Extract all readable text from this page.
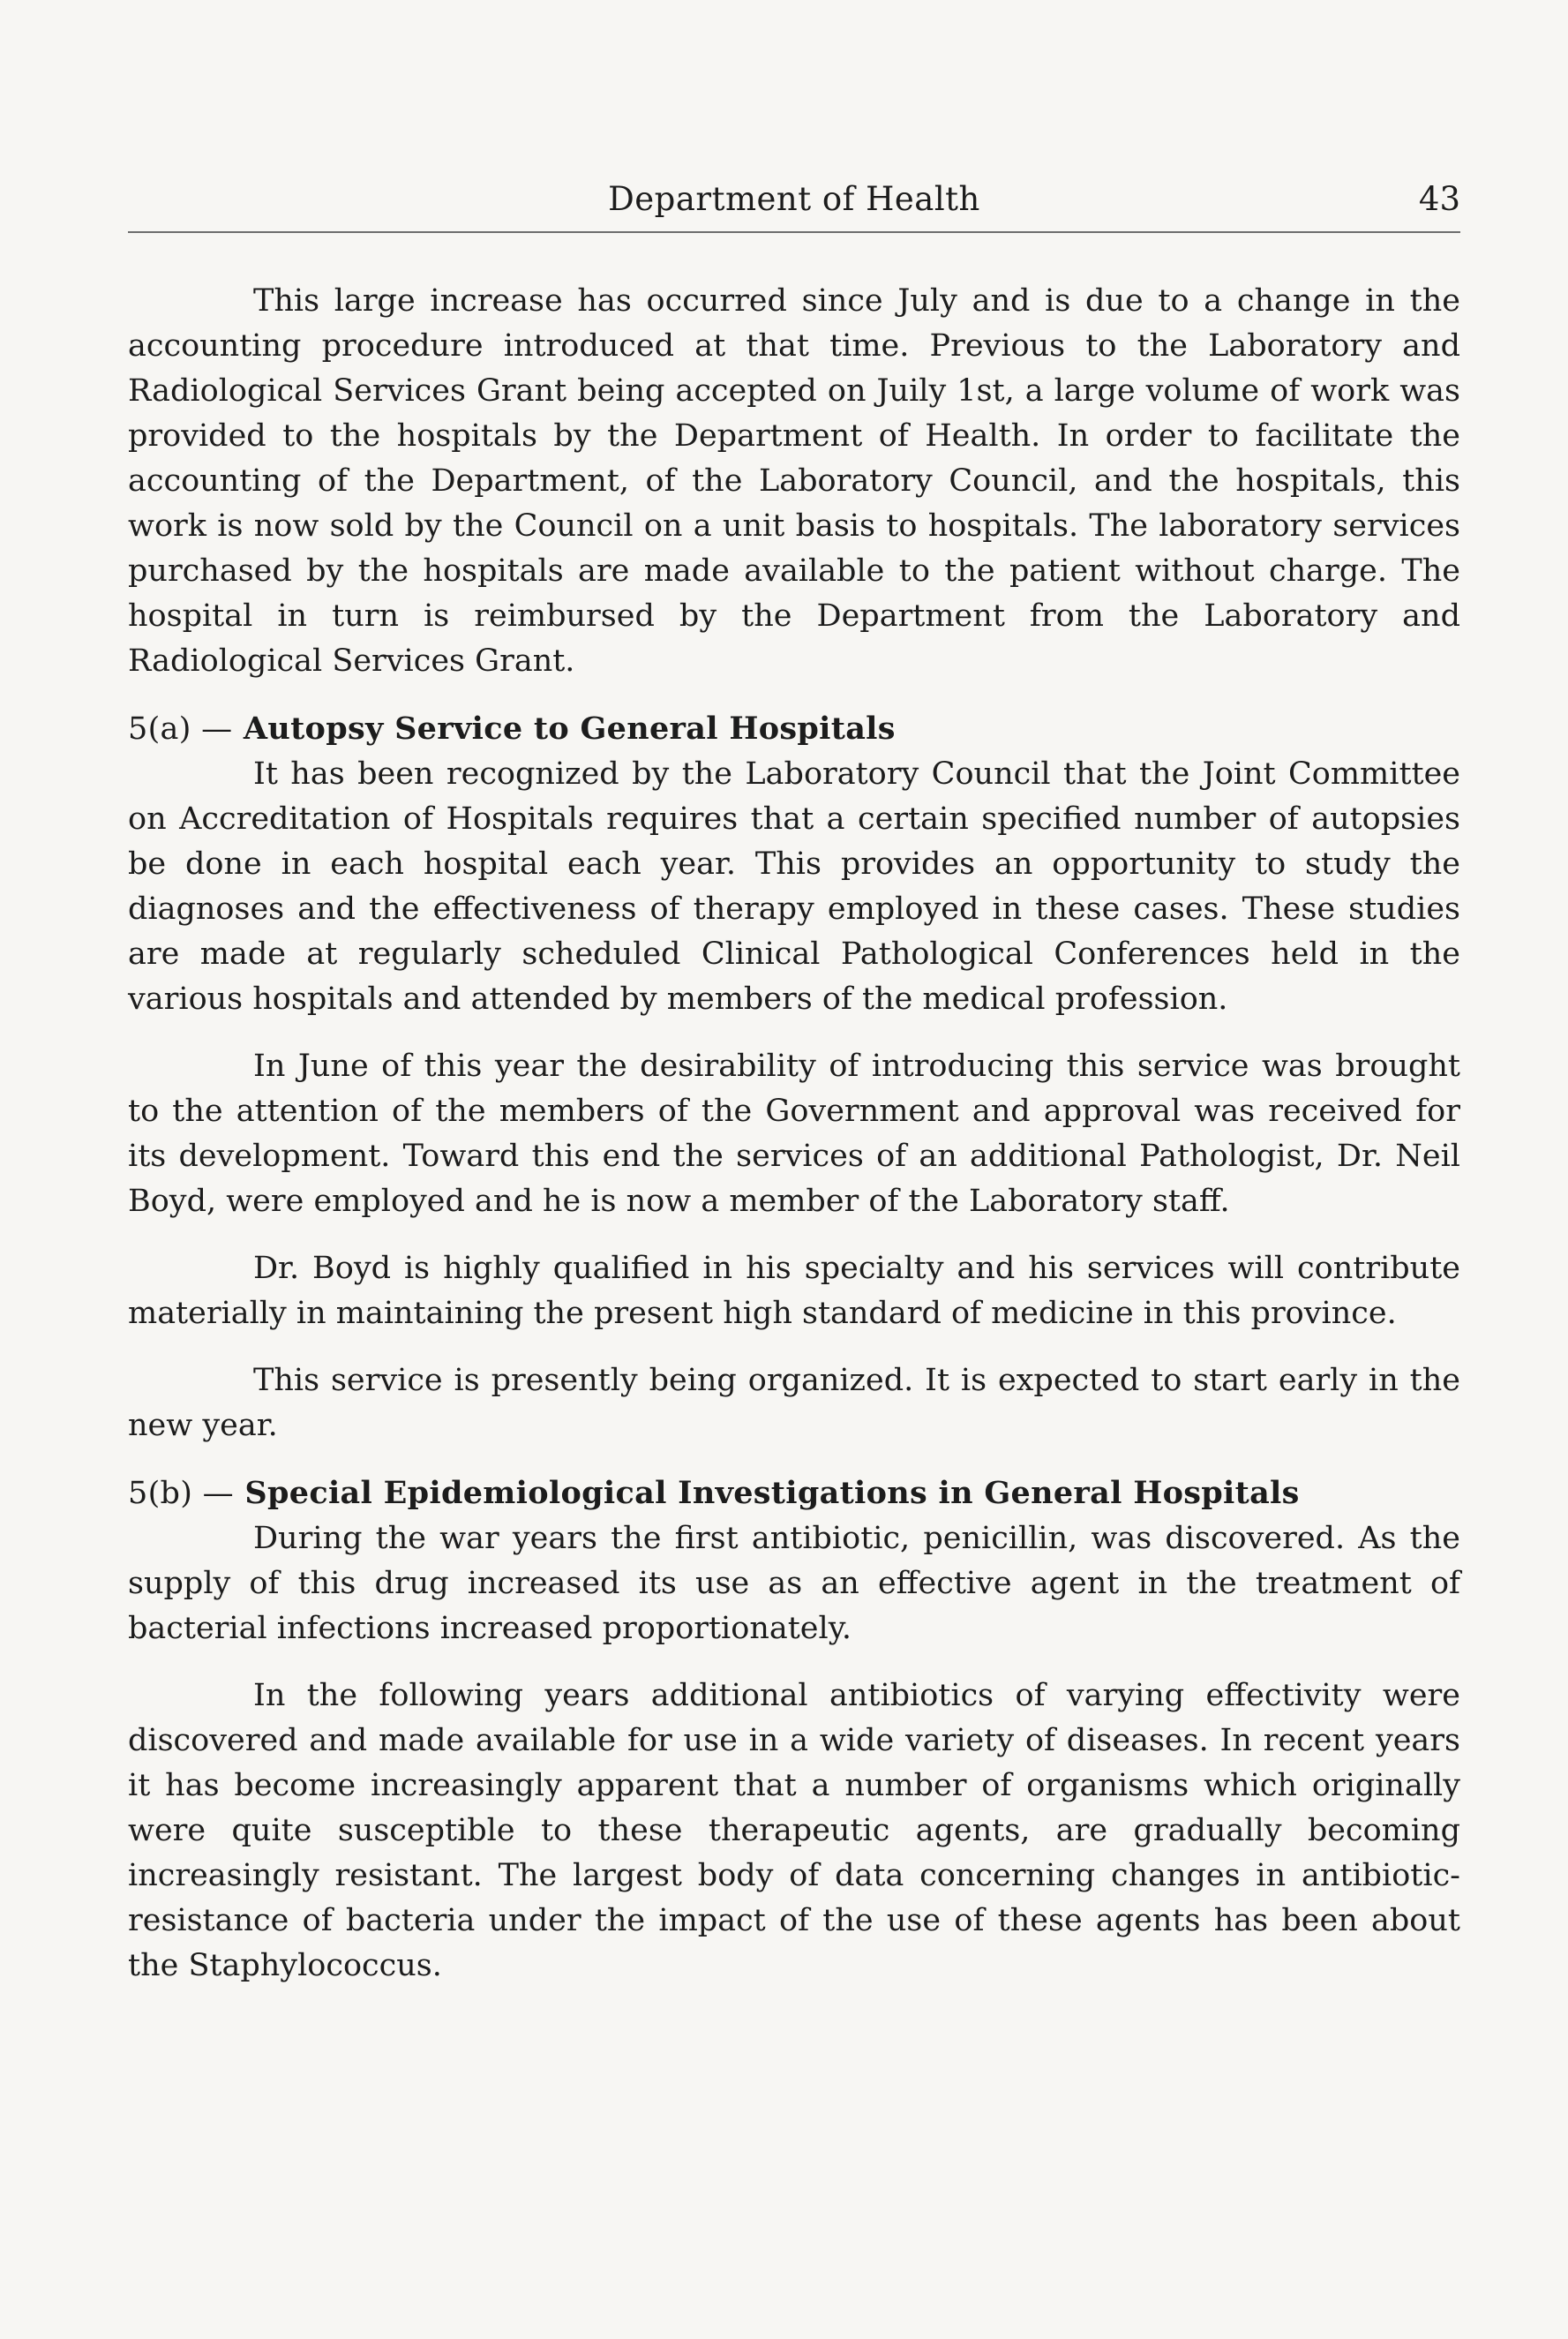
Department of Health	43

This large increase has occurred since July and is due to a change in the accounting procedure introduced at that time. Previous to the Laboratory and Radiological Services Grant being accepted on Juily 1st, a large volume of work was provided to the hospitals by the Department of Health. In order to facilitate the accounting of the Department, of the Laboratory Council, and the hospitals, this work is now sold by the Council on a unit basis to hospitals. The laboratory services purchased by the hospitals are made available to the patient without charge. The hospital in turn is reimbursed by the Department from the Laboratory and Radiological Services Grant.

5(a) — Autopsy Service to General Hospitals

It has been recognized by the Laboratory Council that the Joint Committee on Accreditation of Hospitals requires that a certain specified number of autopsies be done in each hospital each year. This provides an opportunity to study the diagnoses and the effectiveness of therapy employed in these cases. These studies are made at regularly scheduled Clinical Pathological Conferences held in the various hospitals and attended by members of the medical profession.

In June of this year the desirability of introducing this service was brought to the attention of the members of the Government and approval was received for its development. Toward this end the services of an additional Pathologist, Dr. Neil Boyd, were employed and he is now a member of the Laboratory staff.

Dr. Boyd is highly qualified in his specialty and his services will contribute materially in maintaining the present high standard of medicine in this province.

This service is presently being organized. It is expected to start early in the new year.

5(b) — Special Epidemiological Investigations in General Hospitals

During the war years the first antibiotic, penicillin, was discovered. As the supply of this drug increased its use as an effective agent in the treatment of bacterial infections increased proportionately.

In the following years additional antibiotics of varying effectivity were discovered and made available for use in a wide variety of diseases. In recent years it has become increasingly apparent that a number of organisms which originally were quite susceptible to these therapeutic agents, are gradually becoming increasingly resistant. The largest body of data concerning changes in antibiotic-resistance of bacteria under the impact of the use of these agents has been about the Staphylococcus.
